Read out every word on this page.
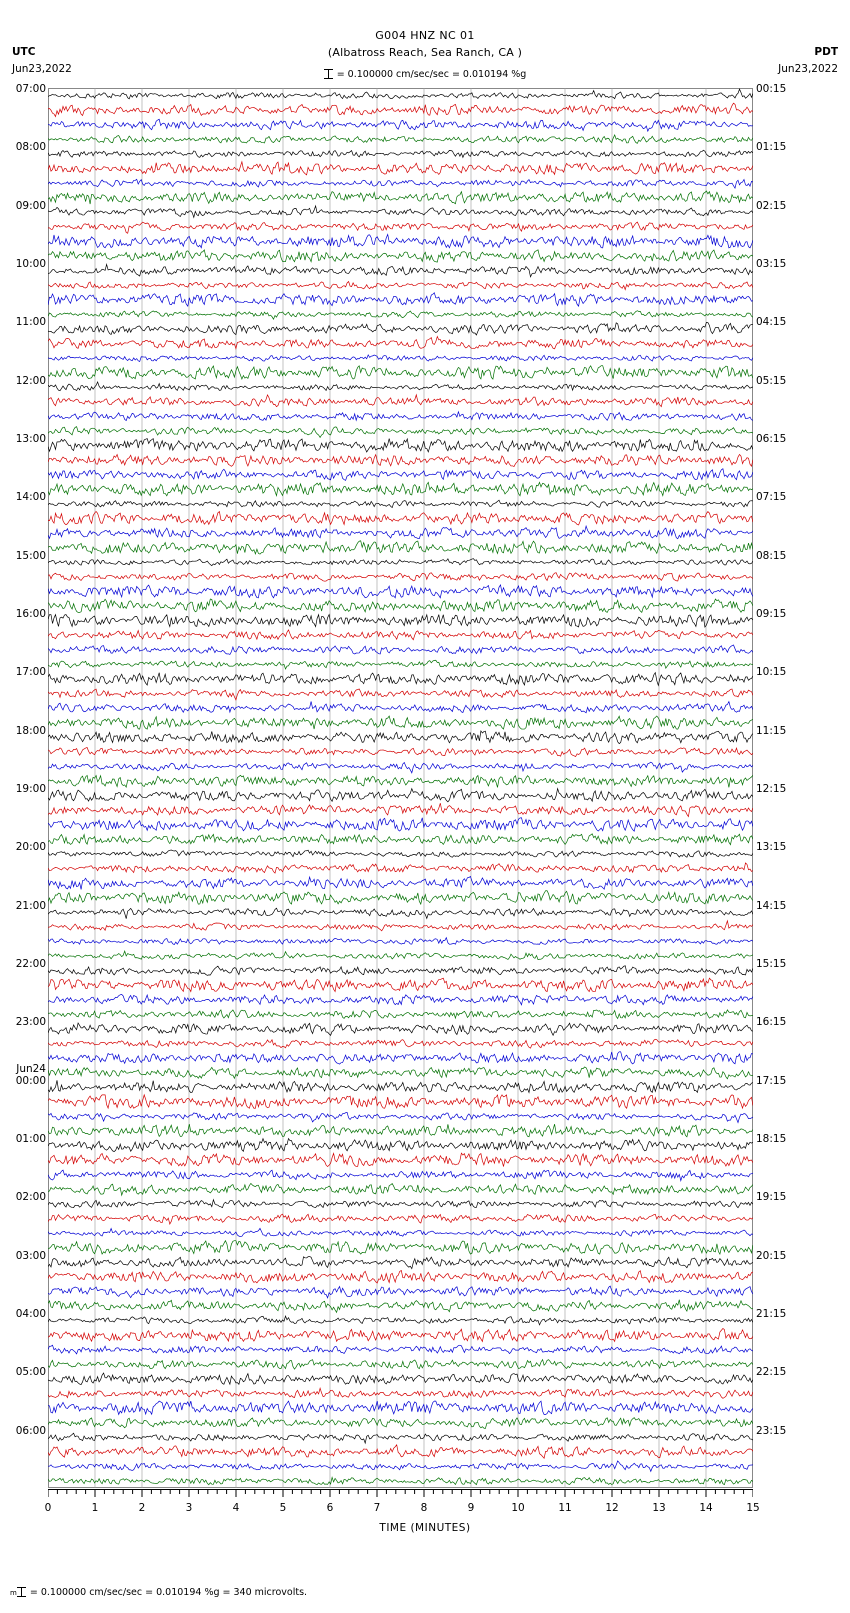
UTC
Jun23,2022
G004 HNZ NC 01
(Albatross Reach, Sea Ranch, CA )
= 0.100000 cm/sec/sec = 0.010194 %g
PDT
Jun23,2022
0	1	2	3	4	5	6	7	8	9	10	11	12	13	14	15
TIME (MINUTES)
m = 0.100000 cm/sec/sec = 0.010194 %g = 340 microvolts.
07:00	00:15
08:00	01:15
09:00	02:15
10:00	03:15
11:00	04:15
12:00	05:15
13:00	06:15
14:00	07:15
15:00	08:15
16:00	09:15
17:00	10:15
18:00	11:15
19:00	12:15
20:00	13:15
21:00	14:15
22:00	15:15
23:00	16:15
00:00	17:15
01:00	18:15
02:00	19:15
03:00	20:15
04:00	21:15
05:00	22:15
06:00	23:15
Jun24
